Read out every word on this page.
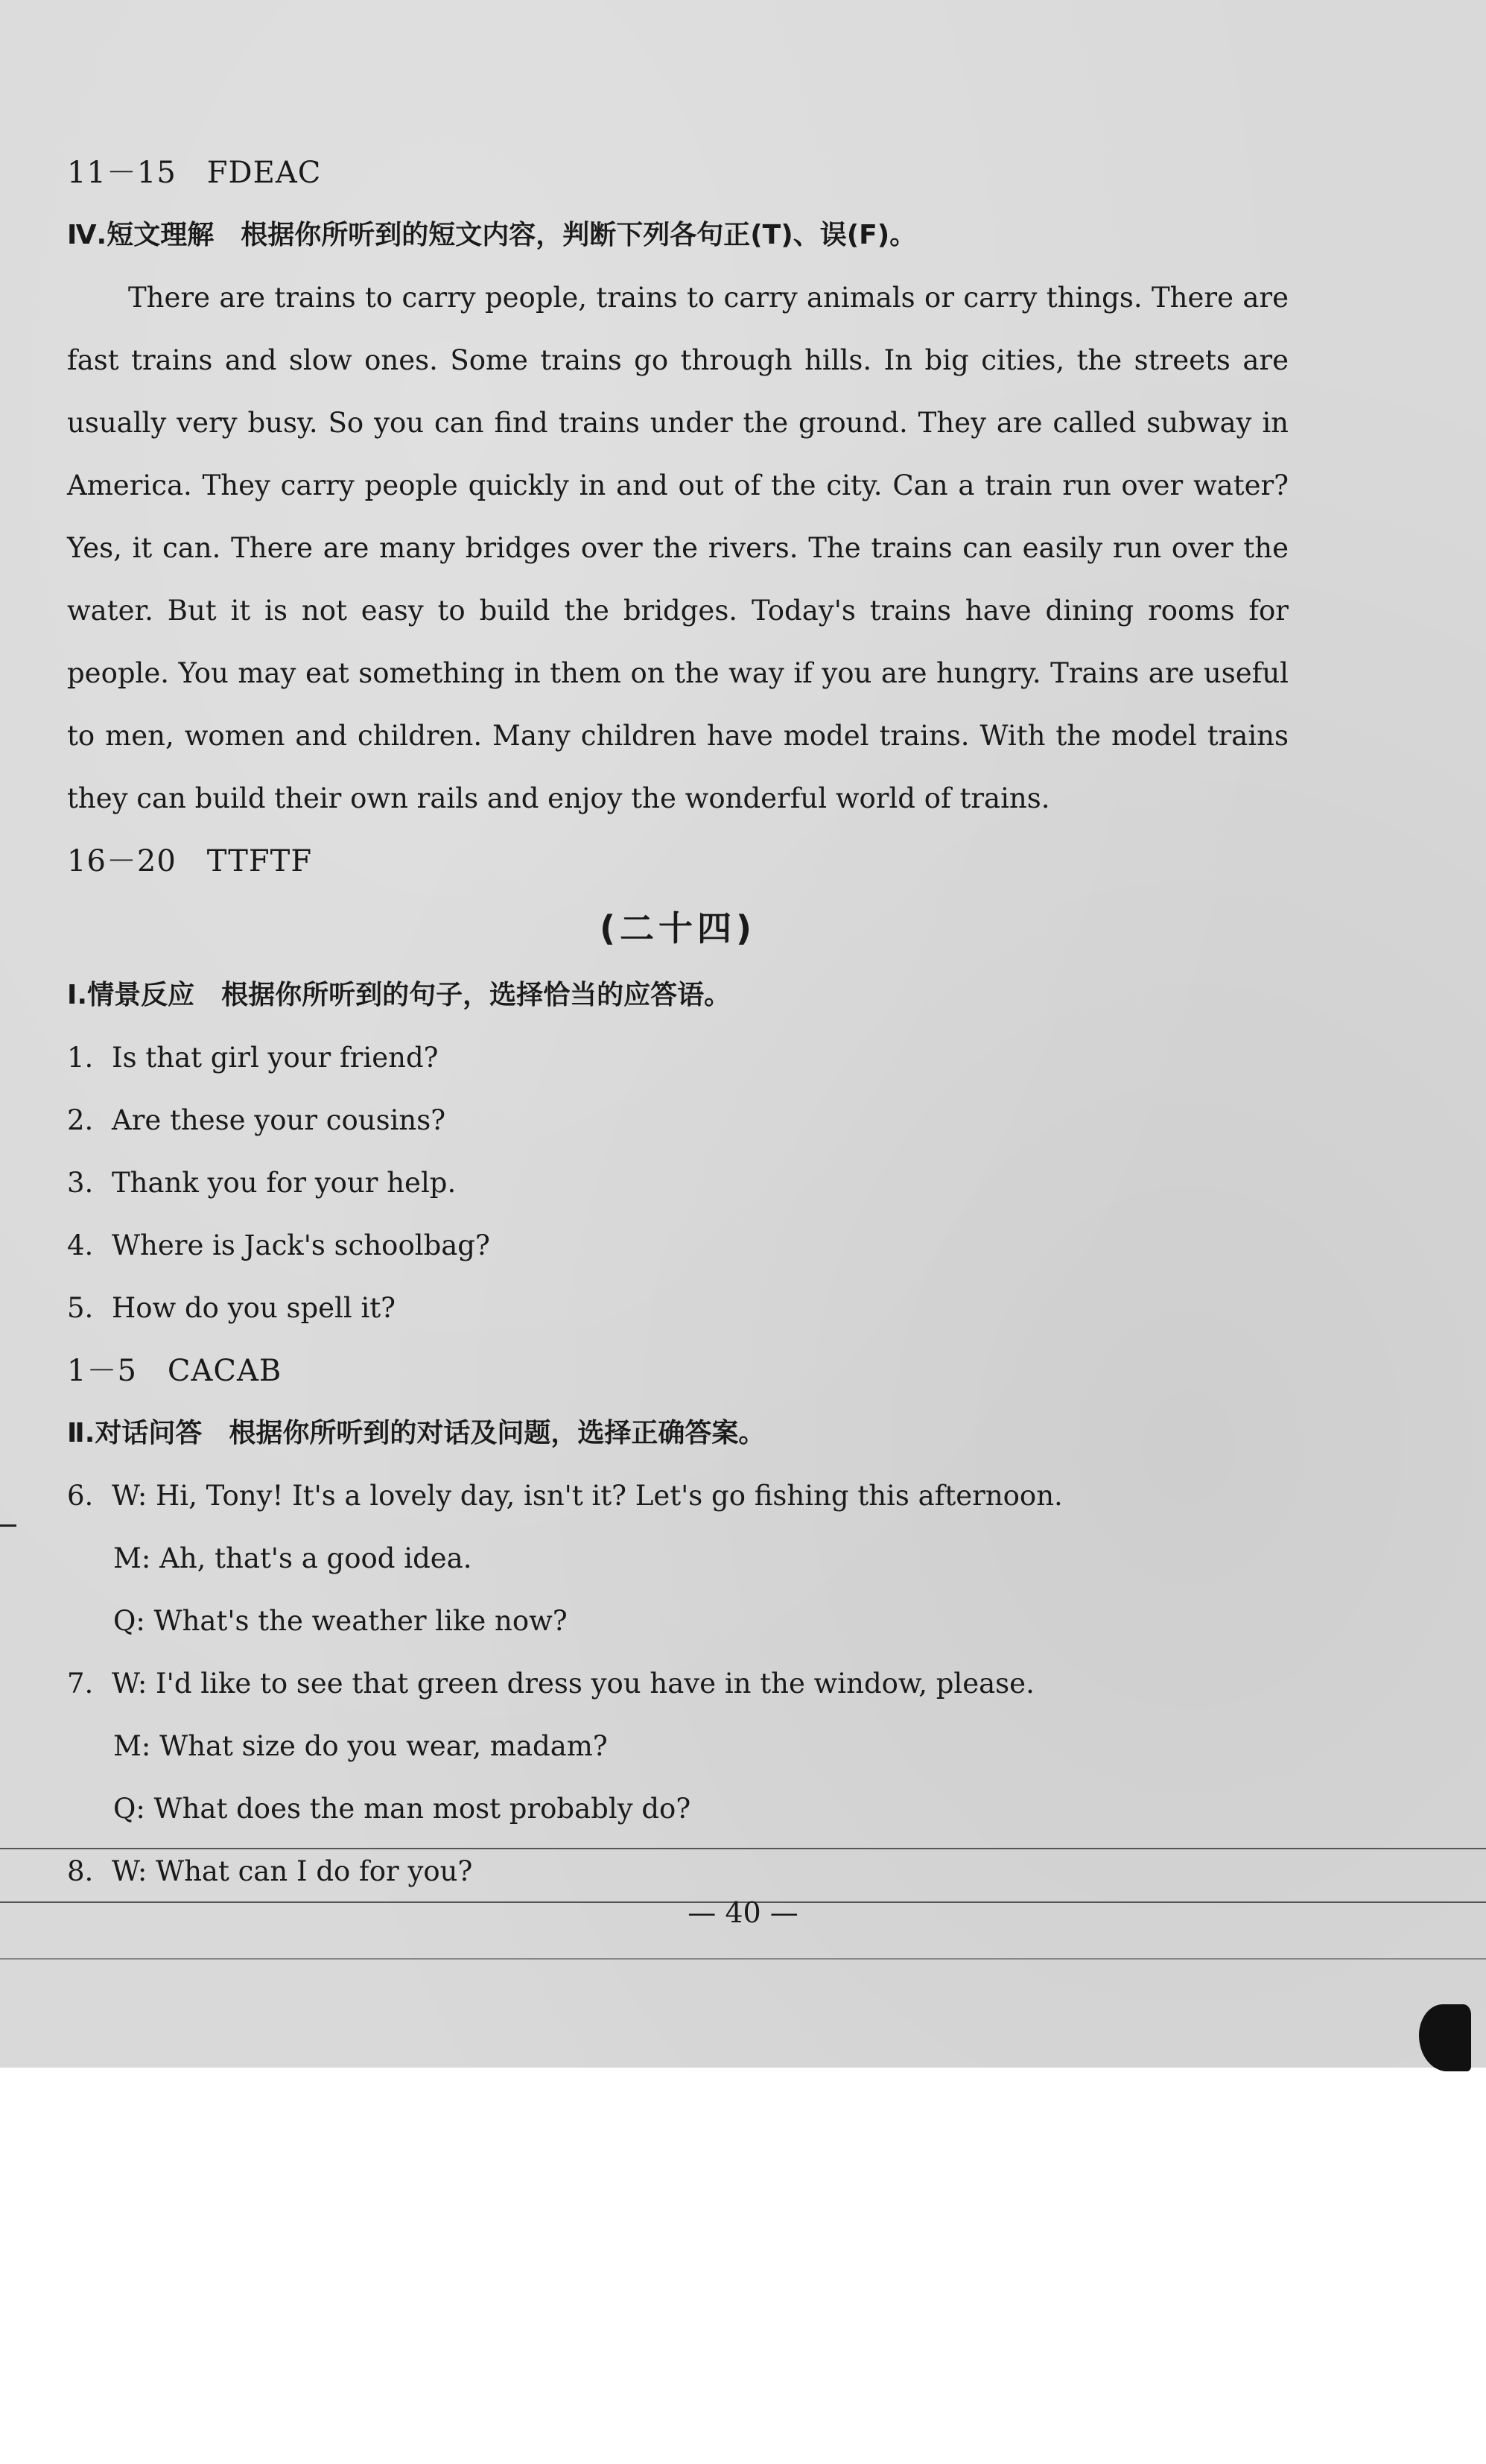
11－15　FDEAC
Ⅳ.短文理解　根据你所听到的短文内容，判断下列各句正(T)、误(F)。
There are trains to carry people, trains to carry animals or carry things. There are fast trains and slow ones. Some trains go through hills. In big cities, the streets are usually very busy. So you can find trains under the ground. They are called subway in America. They carry people quickly in and out of the city. Can a train run over water? Yes, it can. There are many bridges over the rivers. The trains can easily run over the water. But it is not easy to build the bridges. Today's trains have dining rooms for people. You may eat something in them on the way if you are hungry. Trains are useful to men, women and children. Many children have model trains. With the model trains they can build their own rails and enjoy the wonderful world of trains.
16－20　TTFTF
(二十四)
Ⅰ.情景反应　根据你所听到的句子，选择恰当的应答语。
1. Is that girl your friend?
2. Are these your cousins?
3. Thank you for your help.
4. Where is Jack's schoolbag?
5. How do you spell it?
1－5　CACAB
Ⅱ.对话问答　根据你所听到的对话及问题，选择正确答案。
6. W: Hi, Tony! It's a lovely day, isn't it? Let's go fishing this afternoon.
M: Ah, that's a good idea.
Q: What's the weather like now?
7. W: I'd like to see that green dress you have in the window, please.
M: What size do you wear, madam?
Q: What does the man most probably do?
8. W: What can I do for you?
— 40 —
